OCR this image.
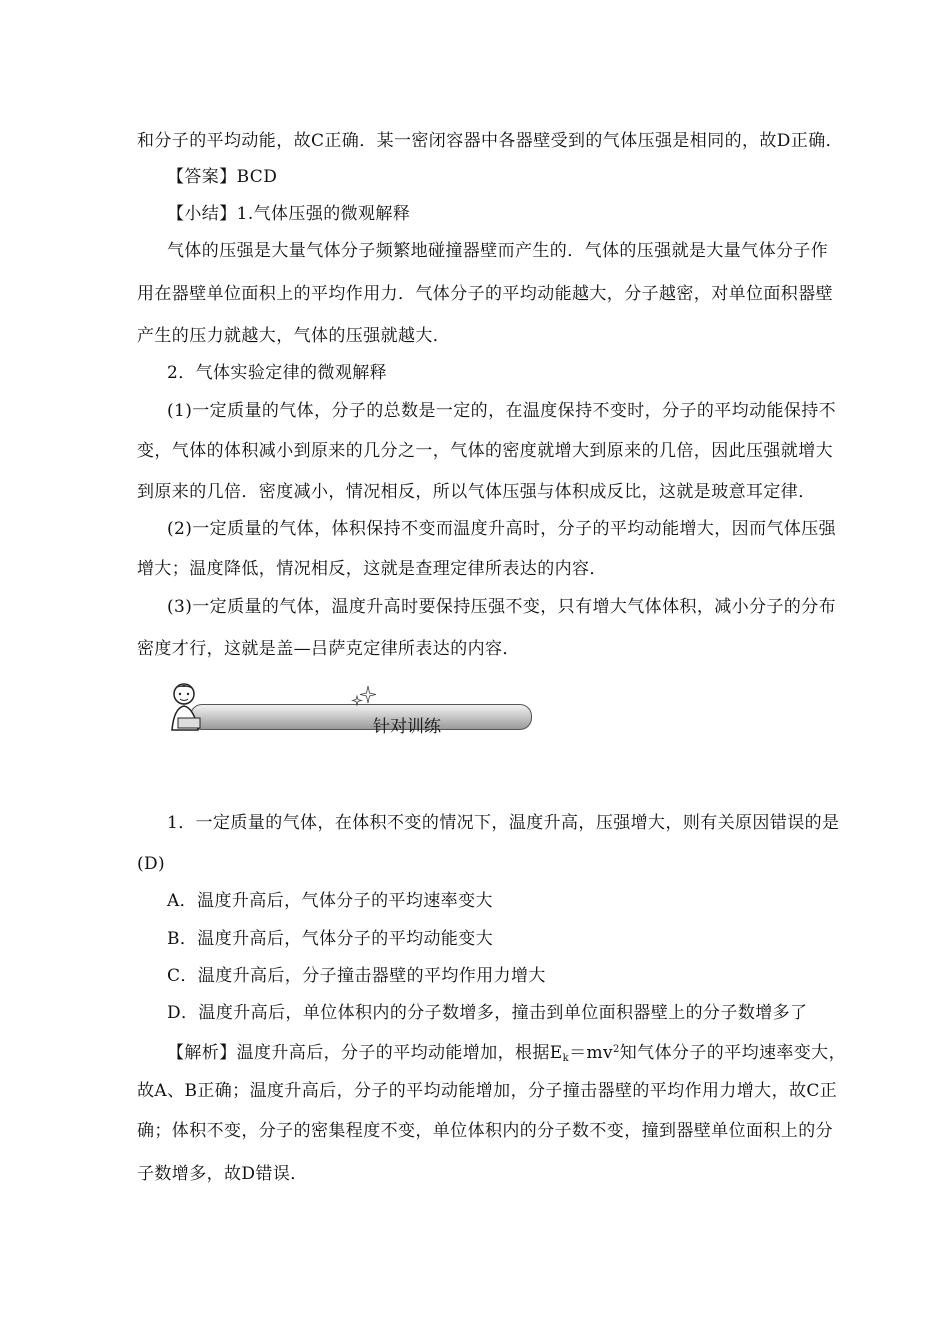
和分子的平均动能，故C正确．某一密闭容器中各器壁受到的气体压强是相同的，故D正确．
【答案】BCD
【小结】1.气体压强的微观解释
气体的压强是大量气体分子频繁地碰撞器壁而产生的．气体的压强就是大量气体分子作
用在器壁单位面积上的平均作用力．气体分子的平均动能越大，分子越密，对单位面积器壁
产生的压力就越大，气体的压强就越大．
2．气体实验定律的微观解释
(1)一定质量的气体，分子的总数是一定的，在温度保持不变时，分子的平均动能保持不
变，气体的体积减小到原来的几分之一，气体的密度就增大到原来的几倍，因此压强就增大
到原来的几倍．密度减小，情况相反，所以气体压强与体积成反比，这就是玻意耳定律．
(2)一定质量的气体，体积保持不变而温度升高时，分子的平均动能增大，因而气体压强
增大；温度降低，情况相反，这就是查理定律所表达的内容．
(3)一定质量的气体，温度升高时要保持压强不变，只有增大气体体积，减小分子的分布
密度才行，这就是盖—吕萨克定律所表达的内容．
针对训练
1．一定质量的气体，在体积不变的情况下，温度升高，压强增大，则有关原因错误的是
(D)
A．温度升高后，气体分子的平均速率变大
B．温度升高后，气体分子的平均动能变大
C．温度升高后，分子撞击器壁的平均作用力增大
D．温度升高后，单位体积内的分子数增多，撞击到单位面积器壁上的分子数增多了
【解析】温度升高后，分子的平均动能增加，根据$E_k=mv^2$知气体分子的平均速率变大，
故A、B正确；温度升高后，分子的平均动能增加，分子撞击器壁的平均作用力增大，故C正
确；体积不变，分子的密集程度不变，单位体积内的分子数不变，撞到器壁单位面积上的分
子数增多，故D错误．
